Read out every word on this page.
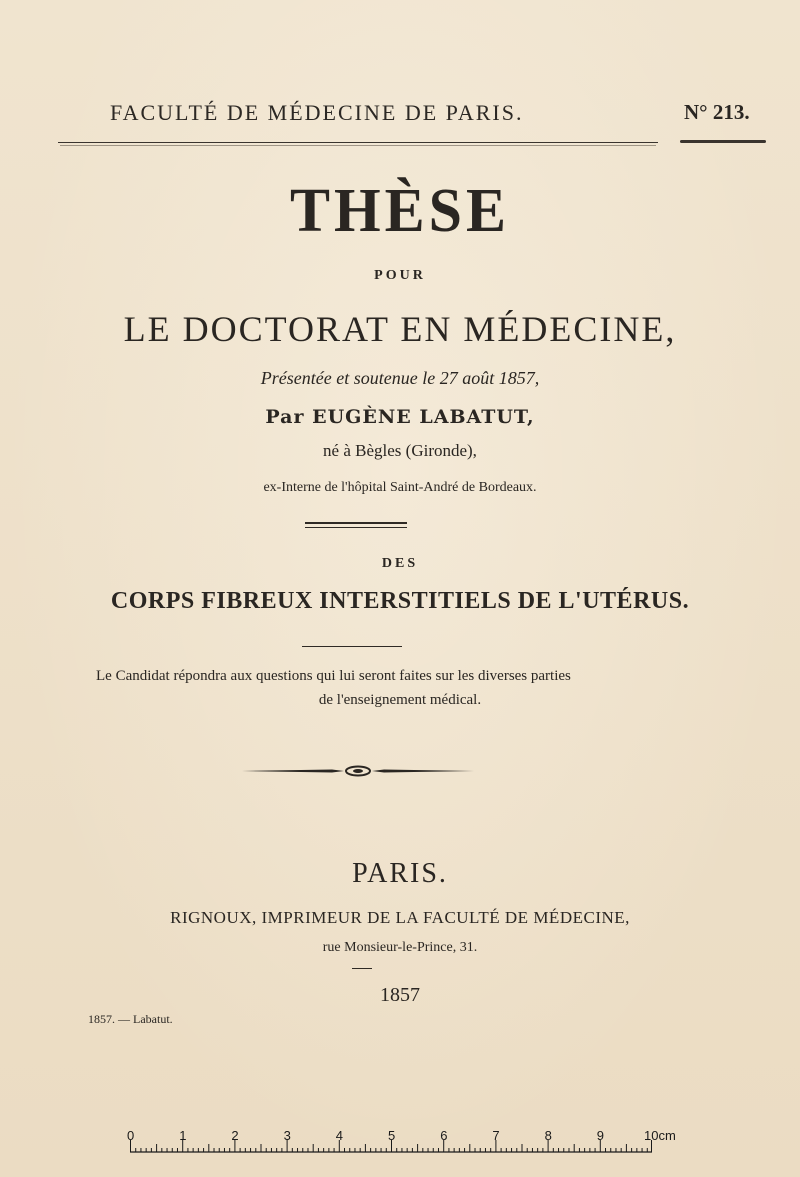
FACULTÉ DE MÉDECINE DE PARIS.	N° 213.
THÈSE
POUR
LE DOCTORAT EN MÉDECINE,
Présentée et soutenue le 27 août 1857,
Par EUGÈNE LABATUT,
né à Bègles (Gironde),
ex-Interne de l'hôpital Saint-André de Bordeaux.
DES
CORPS FIBREUX INTERSTITIELS DE L'UTÉRUS.
Le Candidat répondra aux questions qui lui seront faites sur les diverses parties
de l'enseignement médical.
PARIS.
RIGNOUX, IMPRIMEUR DE LA FACULTÉ DE MÉDECINE,
rue Monsieur-le-Prince, 31.
1857
1857. — Labatut.
0	1	2	3	4	5	6	7	8	9	10cm
